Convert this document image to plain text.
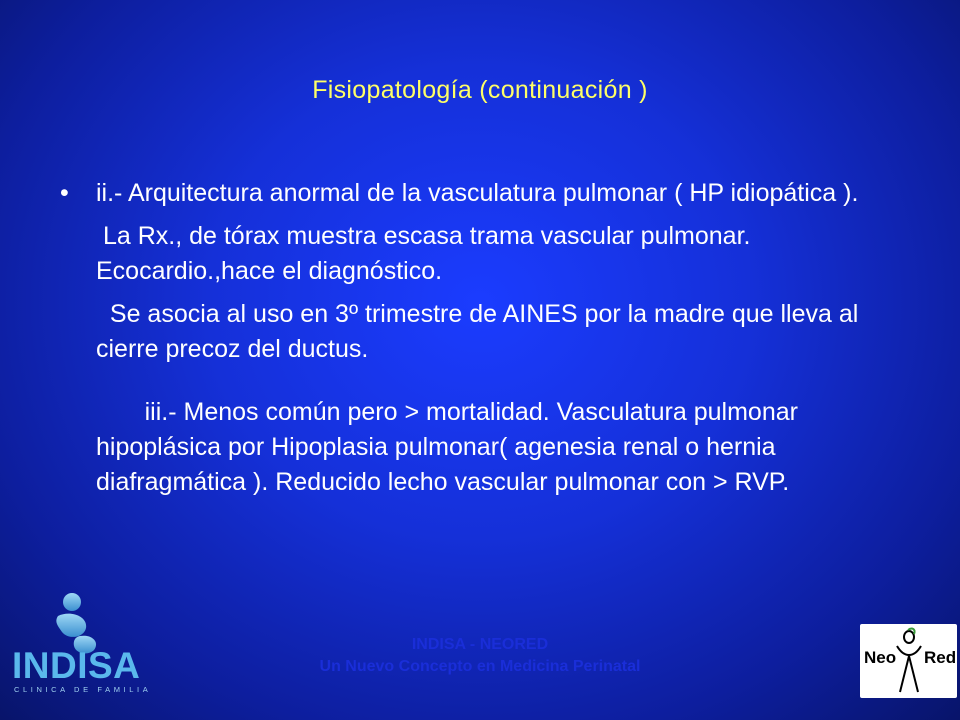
Fisiopatología (continuación )
• ii.- Arquitectura anormal de la vasculatura pulmonar ( HP idiopática ).
La Rx., de tórax muestra escasa trama vascular pulmonar. Ecocardio.,hace el diagnóstico.
Se asocia al uso en 3º trimestre de AINES por la madre que lleva al cierre precoz del ductus.
iii.- Menos común pero > mortalidad. Vasculatura pulmonar hipoplásica por Hipoplasia pulmonar( agenesia renal o hernia diafragmática ). Reducido lecho vascular pulmonar con > RVP.
INDISA - NEORED
Un Nuevo Concepto en Medicina Perinatal
INDISA
CLINICA DE FAMILIA
Neo Red
